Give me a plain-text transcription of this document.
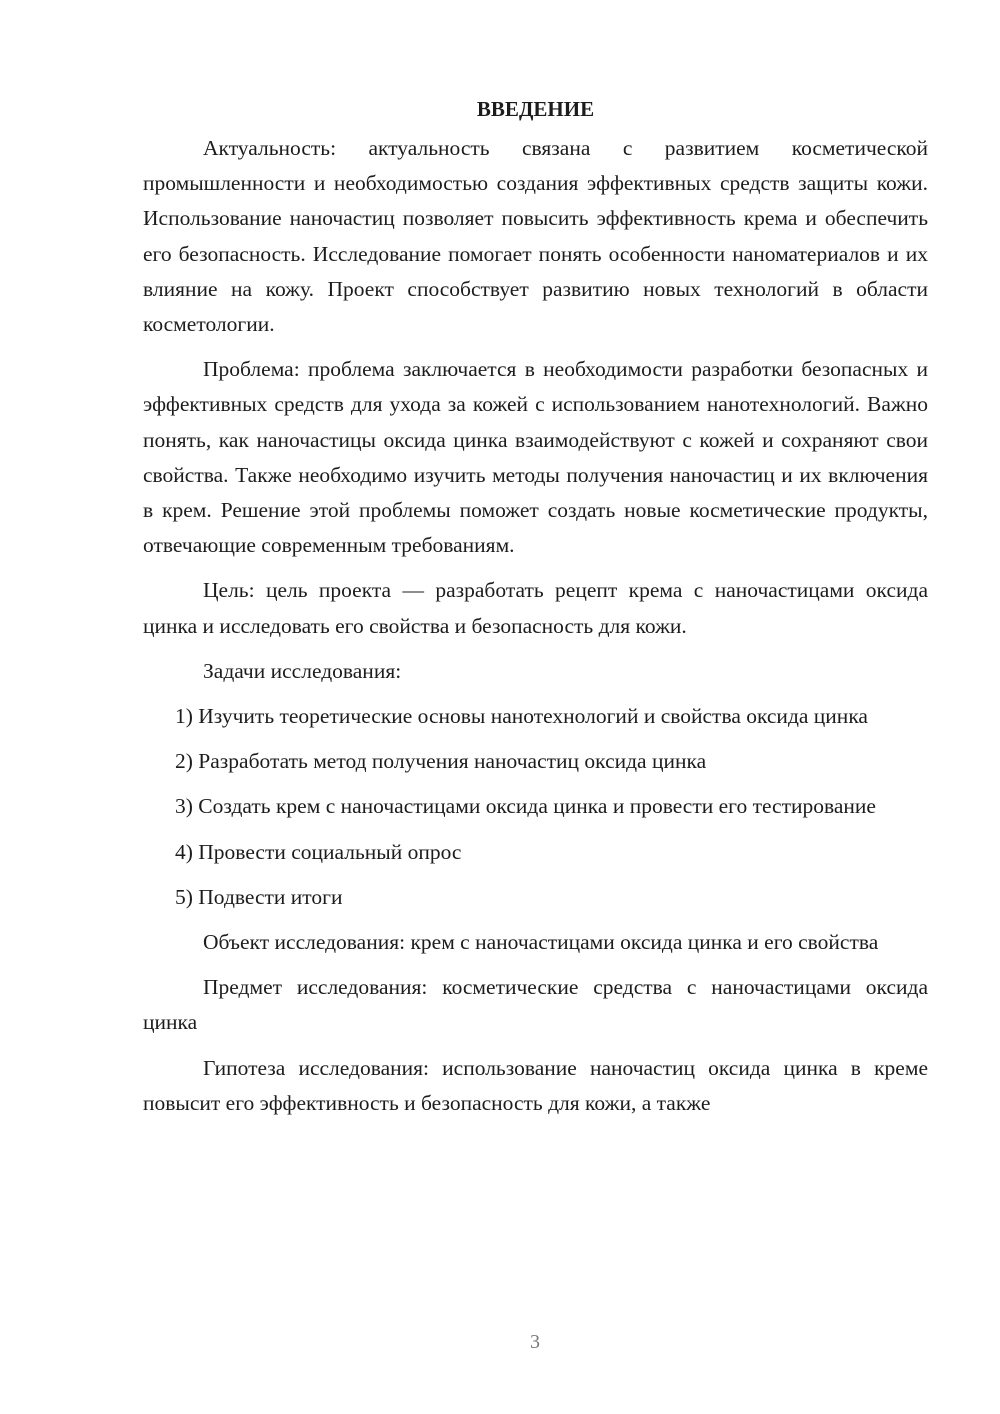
ВВЕДЕНИЕ

Актуальность: актуальность связана с развитием косметической промышленности и необходимостью создания эффективных средств защиты кожи. Использование наночастиц позволяет повысить эффективность крема и обеспечить его безопасность. Исследование помогает понять особенности наноматериалов и их влияние на кожу. Проект способствует развитию новых технологий в области косметологии.

Проблема: проблема заключается в необходимости разработки безопасных и эффективных средств для ухода за кожей с использованием нанотехнологий. Важно понять, как наночастицы оксида цинка взаимодействуют с кожей и сохраняют свои свойства. Также необходимо изучить методы получения наночастиц и их включения в крем. Решение этой проблемы поможет создать новые косметические продукты, отвечающие современным требованиям.

Цель: цель проекта — разработать рецепт крема с наночастицами оксида цинка и исследовать его свойства и безопасность для кожи.

Задачи исследования:

1) Изучить теоретические основы нанотехнологий и свойства оксида цинка

2) Разработать метод получения наночастиц оксида цинка

3) Создать крем с наночастицами оксида цинка и провести его тестирование

4) Провести социальный опрос

5) Подвести итоги

Объект исследования: крем с наночастицами оксида цинка и его свойства

Предмет исследования: косметические средства с наночастицами оксида цинка

Гипотеза исследования: использование наночастиц оксида цинка в креме повысит его эффективность и безопасность для кожи, а также

3
